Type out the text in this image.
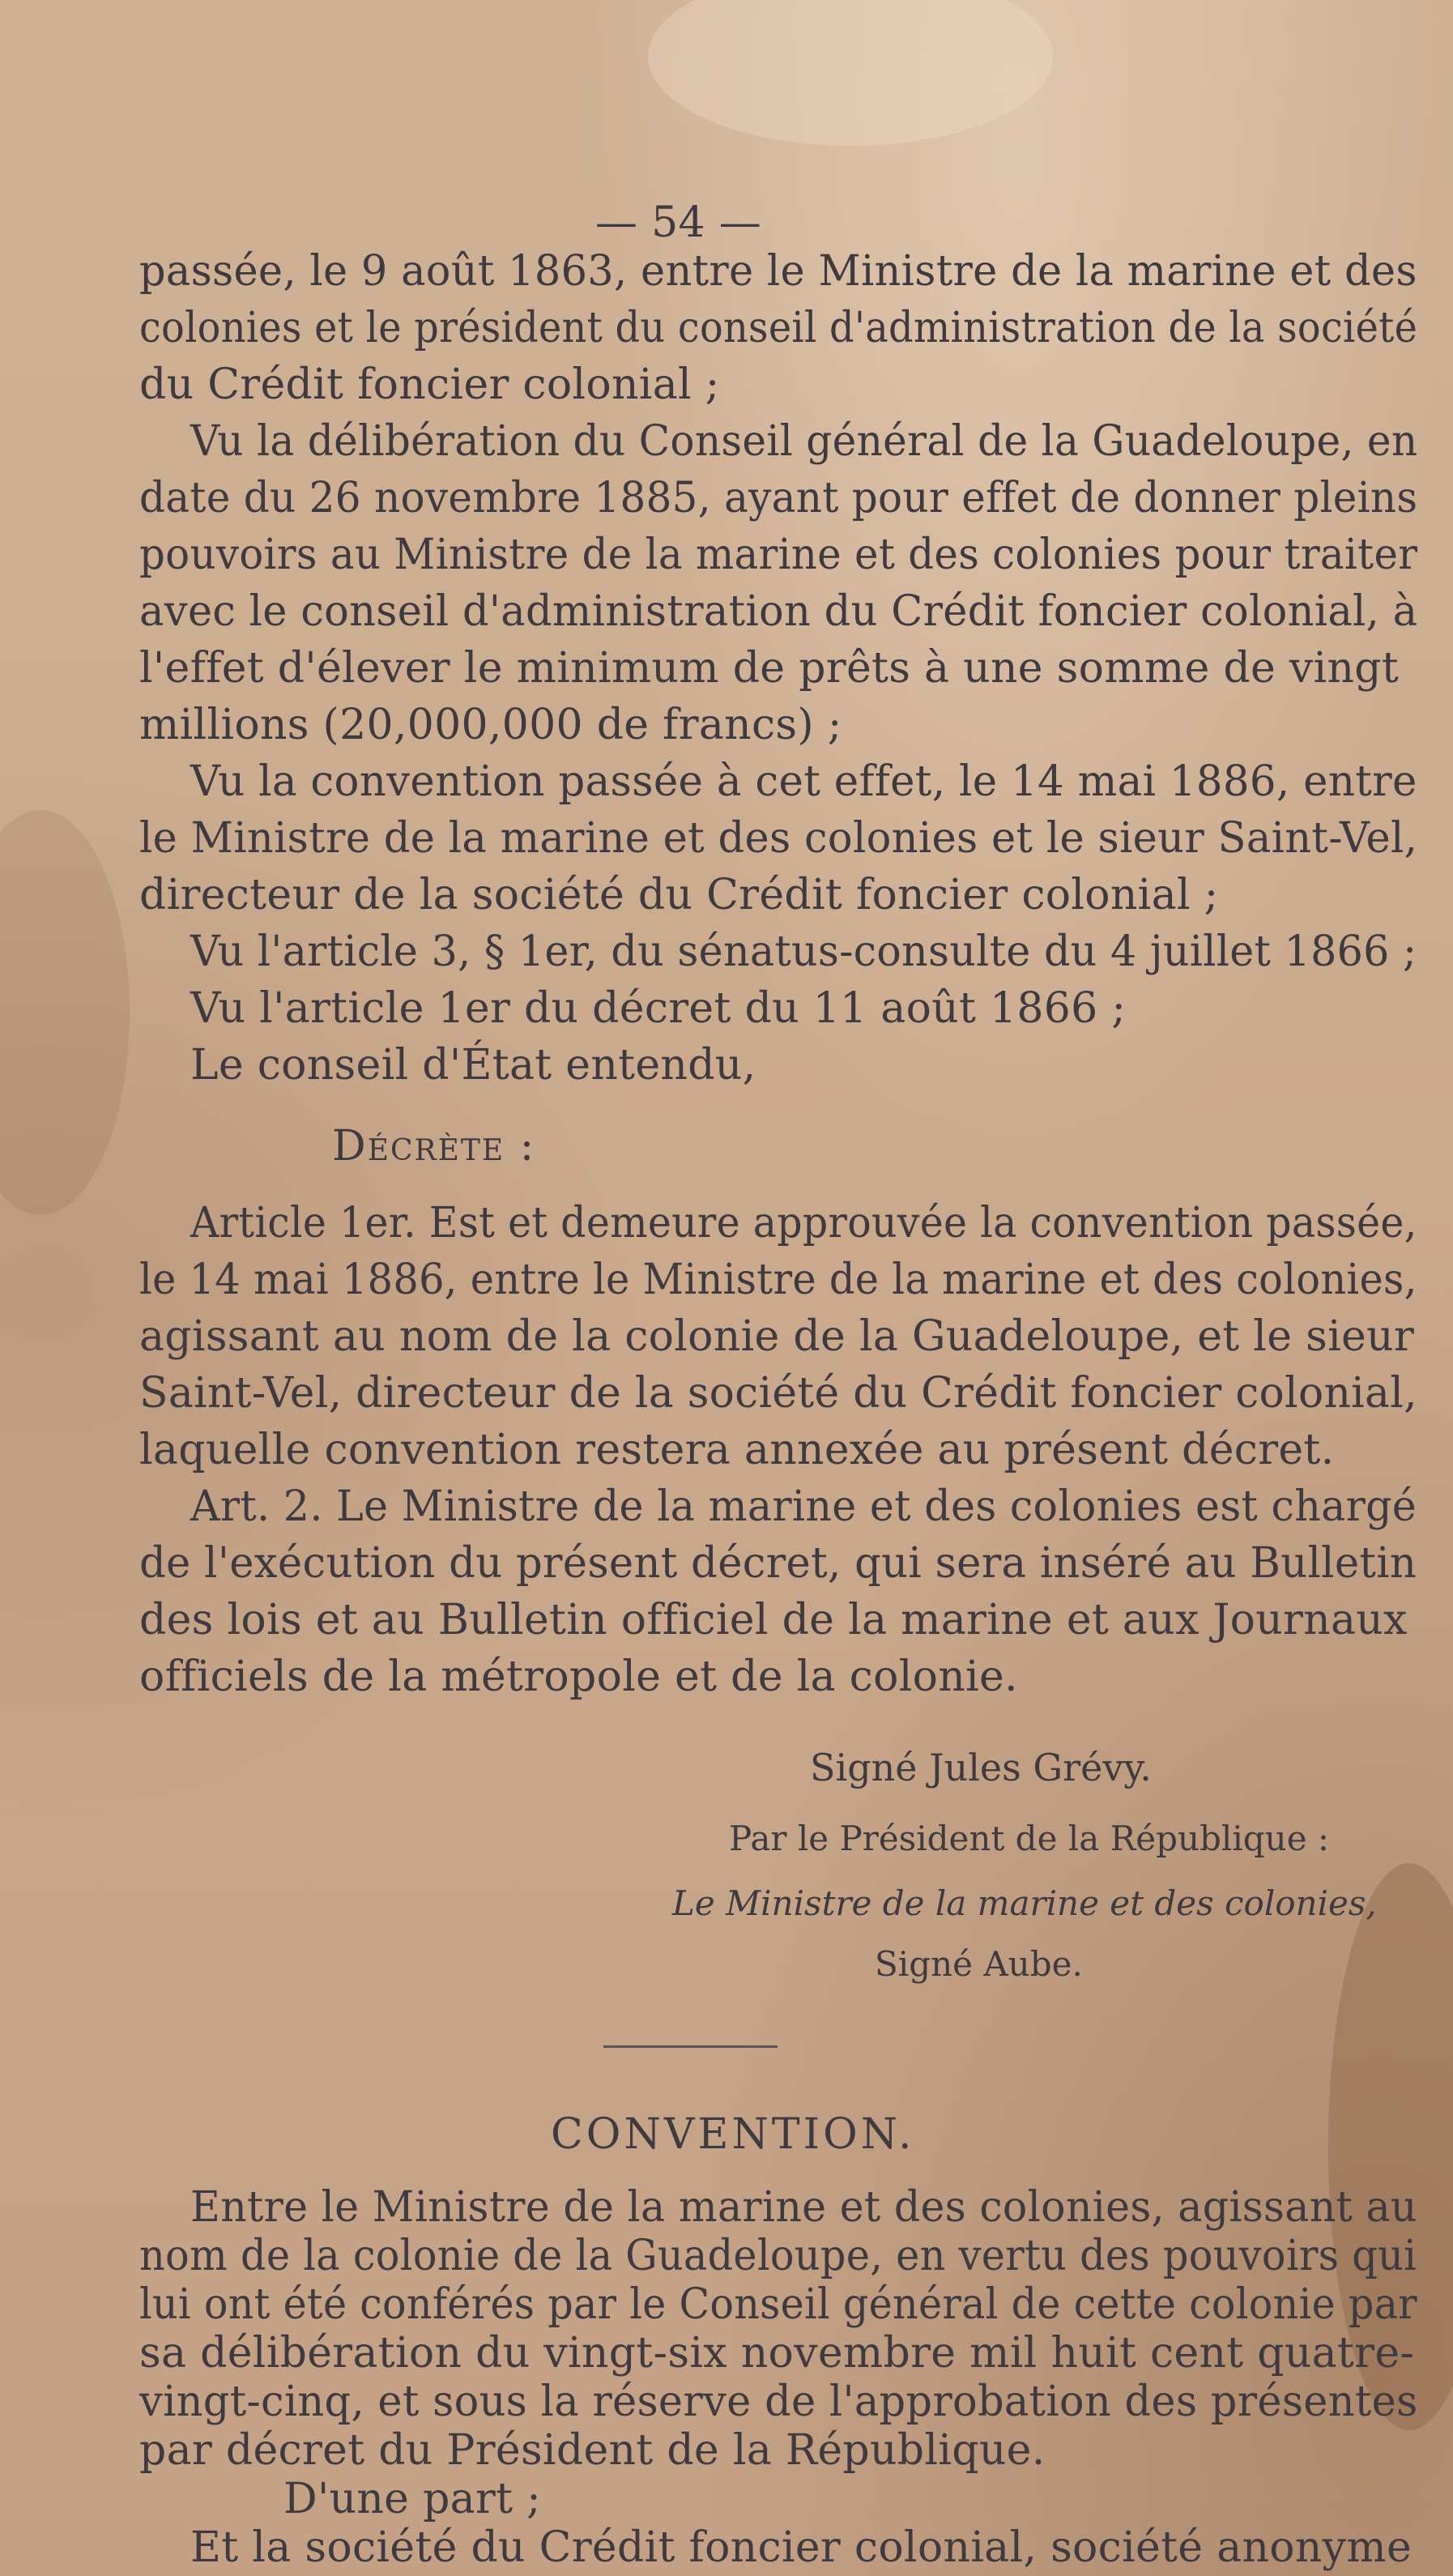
— 54 —
passée, le 9 août 1863, entre le Ministre de la marine et des
colonies et le président du conseil d'administration de la société
du Crédit foncier colonial ;
Vu la délibération du Conseil général de la Guadeloupe, en
date du 26 novembre 1885, ayant pour effet de donner pleins
pouvoirs au Ministre de la marine et des colonies pour traiter
avec le conseil d'administration du Crédit foncier colonial, à
l'effet d'élever le minimum de prêts à une somme de vingt
millions (20,000,000 de francs) ;
Vu la convention passée à cet effet, le 14 mai 1886, entre
le Ministre de la marine et des colonies et le sieur Saint-Vel,
directeur de la société du Crédit foncier colonial ;
Vu l'article 3, § 1er, du sénatus-consulte du 4 juillet 1866 ;
Vu l'article 1er du décret du 11 août 1866 ;
Le conseil d'État entendu,
Décrète :
Article 1er. Est et demeure approuvée la convention passée,
le 14 mai 1886, entre le Ministre de la marine et des colonies,
agissant au nom de la colonie de la Guadeloupe, et le sieur
Saint-Vel, directeur de la société du Crédit foncier colonial,
laquelle convention restera annexée au présent décret.
Art. 2. Le Ministre de la marine et des colonies est chargé
de l'exécution du présent décret, qui sera inséré au Bulletin
des lois et au Bulletin officiel de la marine et aux Journaux
officiels de la métropole et de la colonie.
Signé Jules Grévy.
Par le Président de la République :
Le Ministre de la marine et des colonies,
Signé Aube.
CONVENTION.
Entre le Ministre de la marine et des colonies, agissant au
nom de la colonie de la Guadeloupe, en vertu des pouvoirs qui
lui ont été conférés par le Conseil général de cette colonie par
sa délibération du vingt-six novembre mil huit cent quatre-
vingt-cinq, et sous la réserve de l'approbation des présentes
par décret du Président de la République.
D'une part ;
Et la société du Crédit foncier colonial, société anonyme
